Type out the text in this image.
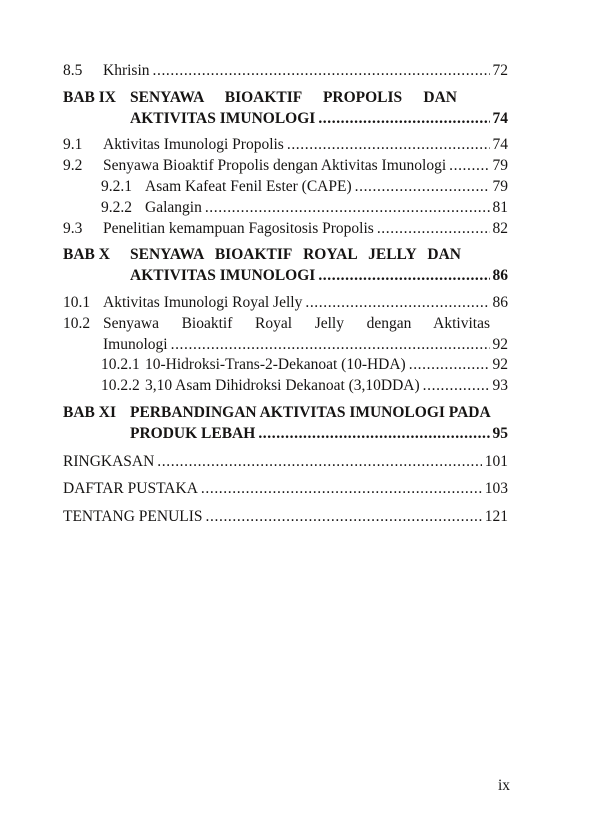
8.5	Khrisin .....	72
BAB IX SENYAWA BIOAKTIF PROPOLIS DAN
AKTIVITAS IMUNOLOGI .....	74
9.1	Aktivitas Imunologi Propolis .....	74
9.2	Senyawa Bioaktif Propolis dengan Aktivitas Imunologi .....	79
9.2.1 Asam Kafeat Fenil Ester (CAPE) .....	79
9.2.2 Galangin .....	81
9.3	Penelitian kemampuan Fagositosis Propolis .....	82
BAB X	SENYAWA BIOAKTIF ROYAL JELLY DAN
AKTIVITAS IMUNOLOGI .....	86
10.1 Aktivitas Imunologi Royal Jelly .....	86
10.2 Senyawa Bioaktif Royal Jelly dengan Aktivitas
Imunologi .....	92
10.2.1 10-Hidroksi-Trans-2-Dekanoat (10-HDA) .....	92
10.2.2 3,10 Asam Dihidroksi Dekanoat (3,10DDA) .....	93
BAB XI PERBANDINGAN AKTIVITAS IMUNOLOGI PADA
PRODUK LEBAH .....	95
RINGKASAN .....	101
DAFTAR PUSTAKA .....	103
TENTANG PENULIS .....	121
ix
